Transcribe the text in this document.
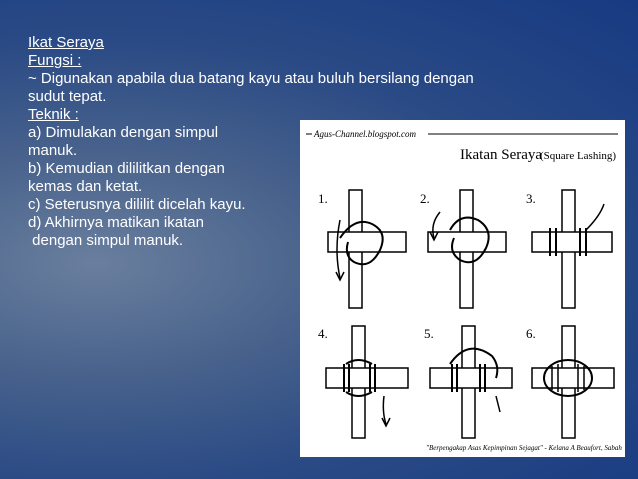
Ikat Seraya
Fungsi :
~ Digunakan apabila dua batang kayu atau buluh bersilang dengan
sudut tepat.
Teknik :
a) Dimulakan dengan simpul
manuk.
b) Kemudian dililitkan dengan
kemas dan ketat.
c) Seterusnya dililit dicelah kayu.
d) Akhirnya matikan ikatan
dengan simpul manuk.
Agus-Channel.blogspot.com
Ikatan Seraya
(Square Lashing)
1.	2.	3.
4.	5.	6.
"Berpengakap Asas Kepimpinan Sejagat" - Kelana A Beaufort, Sabah
